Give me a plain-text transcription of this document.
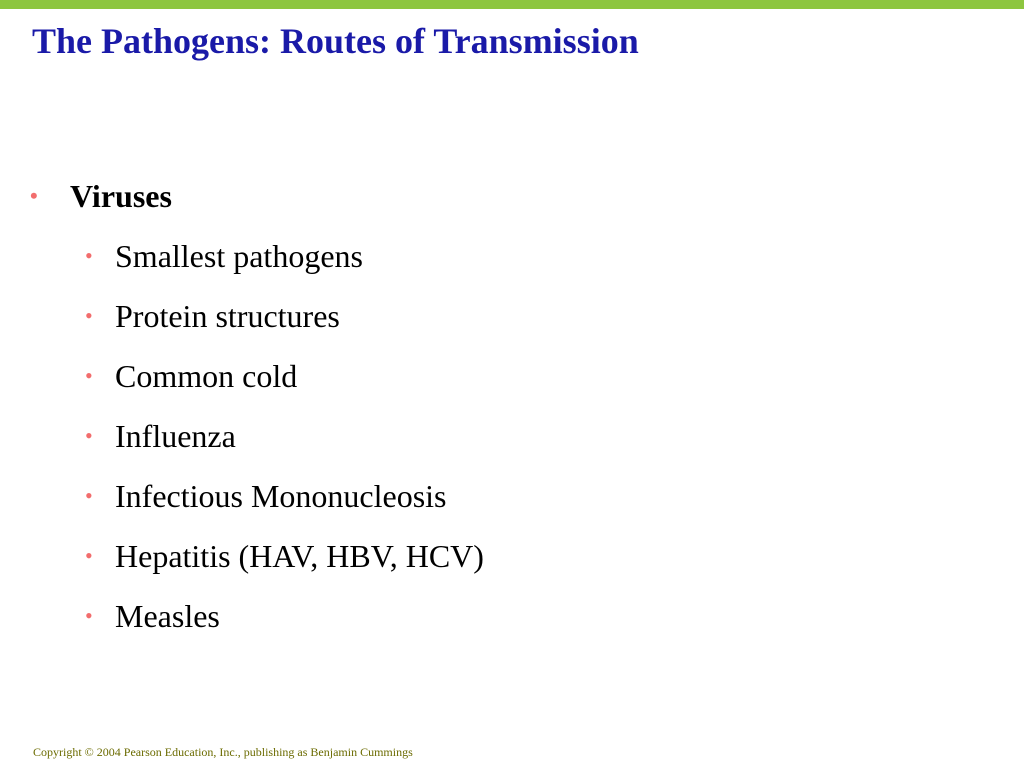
The Pathogens: Routes of Transmission
• Viruses
• Smallest pathogens
• Protein structures
• Common cold
• Influenza
• Infectious Mononucleosis
• Hepatitis (HAV, HBV, HCV)
• Measles
Copyright © 2004 Pearson Education, Inc., publishing as Benjamin Cummings
